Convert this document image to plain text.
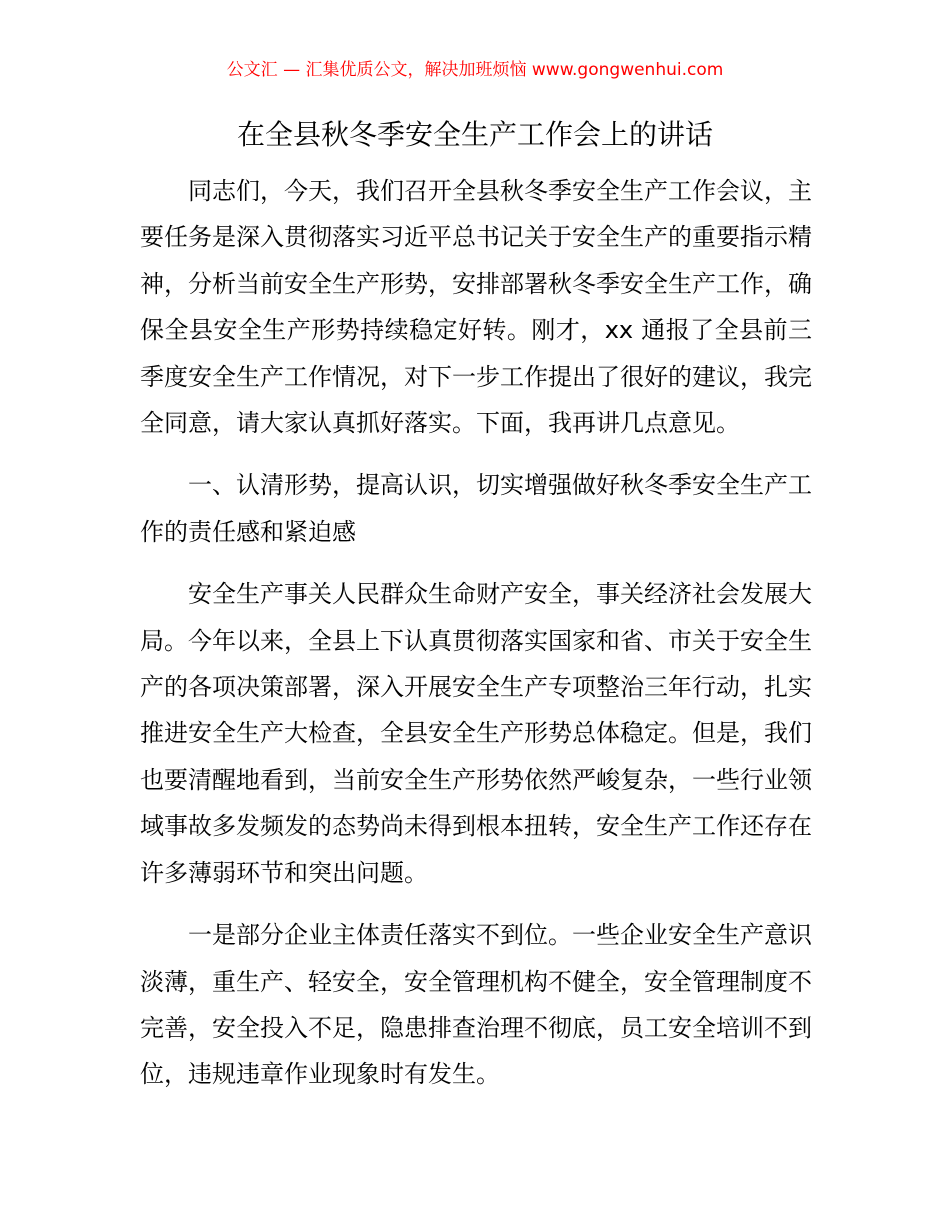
公文汇 — 汇集优质公文，解决加班烦恼 www.gongwenhui.com
在全县秋冬季安全生产工作会上的讲话

同志们，今天，我们召开全县秋冬季安全生产工作会议，主要任务是深入贯彻落实习近平总书记关于安全生产的重要指示精神，分析当前安全生产形势，安排部署秋冬季安全生产工作，确保全县安全生产形势持续稳定好转。刚才，xx 通报了全县前三季度安全生产工作情况，对下一步工作提出了很好的建议，我完全同意，请大家认真抓好落实。下面，我再讲几点意见。

一、认清形势，提高认识，切实增强做好秋冬季安全生产工作的责任感和紧迫感

安全生产事关人民群众生命财产安全，事关经济社会发展大局。今年以来，全县上下认真贯彻落实国家和省、市关于安全生产的各项决策部署，深入开展安全生产专项整治三年行动，扎实推进安全生产大检查，全县安全生产形势总体稳定。但是，我们也要清醒地看到，当前安全生产形势依然严峻复杂，一些行业领域事故多发频发的态势尚未得到根本扭转，安全生产工作还存在许多薄弱环节和突出问题。

一是部分企业主体责任落实不到位。一些企业安全生产意识淡薄，重生产、轻安全，安全管理机构不健全，安全管理制度不完善，安全投入不足，隐患排查治理不彻底，员工安全培训不到位，违规违章作业现象时有发生。
